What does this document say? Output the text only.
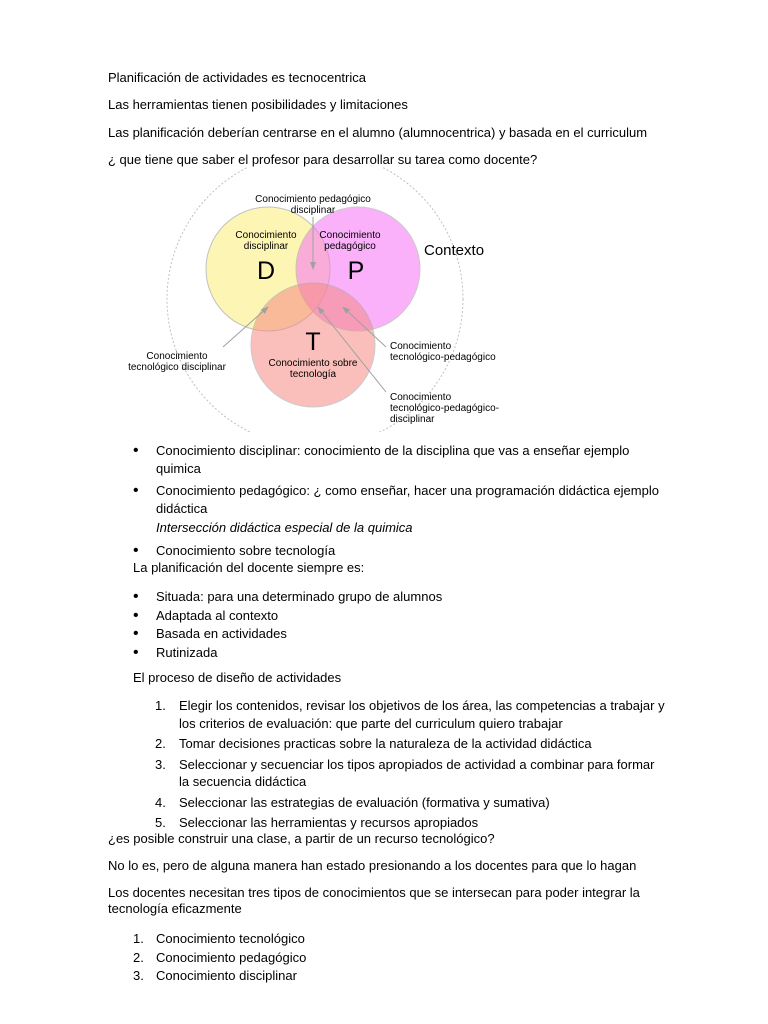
Planificación de actividades es tecnocentrica
Las herramientas tienen posibilidades y limitaciones
Las planificación deberían centrarse en el alumno (alumnocentrica) y basada en el curriculum
¿ que tiene que saber el profesor para desarrollar su tarea como docente?
Contexto
Conocimiento
disciplinar
D
Conocimiento
pedagógico
P
T
Conocimiento sobre
tecnología
Conocimiento pedagógico
disciplinar
Conocimiento
tecnológico disciplinar
Conocimiento
tecnológico-pedagógico
Conocimiento
tecnológico-pedagógico-
disciplinar
• Conocimiento disciplinar: conocimiento de la disciplina que vas a enseñar ejemplo quimica
• Conocimiento pedagógico: ¿ como enseñar, hacer una programación didáctica ejemplo didáctica
Intersección didáctica especial de la quimica
• Conocimiento sobre tecnología
La planificación del docente siempre es:
• Situada: para una determinado grupo de alumnos
• Adaptada al contexto
• Basada en actividades
• Rutinizada
El proceso de diseño de actividades
1. Elegir los contenidos, revisar los objetivos de los área, las competencias a trabajar y los criterios de evaluación: que parte del curriculum quiero trabajar
2. Tomar decisiones practicas sobre la naturaleza de la actividad didáctica
3. Seleccionar y secuenciar los tipos apropiados de actividad a combinar para formar la secuencia didáctica
4. Seleccionar las estrategias de evaluación (formativa y sumativa)
5. Seleccionar las herramientas y recursos apropiados
¿es posible construir una clase, a partir de un recurso tecnológico?
No lo es, pero de alguna manera han estado presionando a los docentes para que lo hagan
Los docentes necesitan tres tipos de conocimientos que se intersecan para poder integrar la tecnología eficazmente
1. Conocimiento tecnológico
2. Conocimiento pedagógico
3. Conocimiento disciplinar
